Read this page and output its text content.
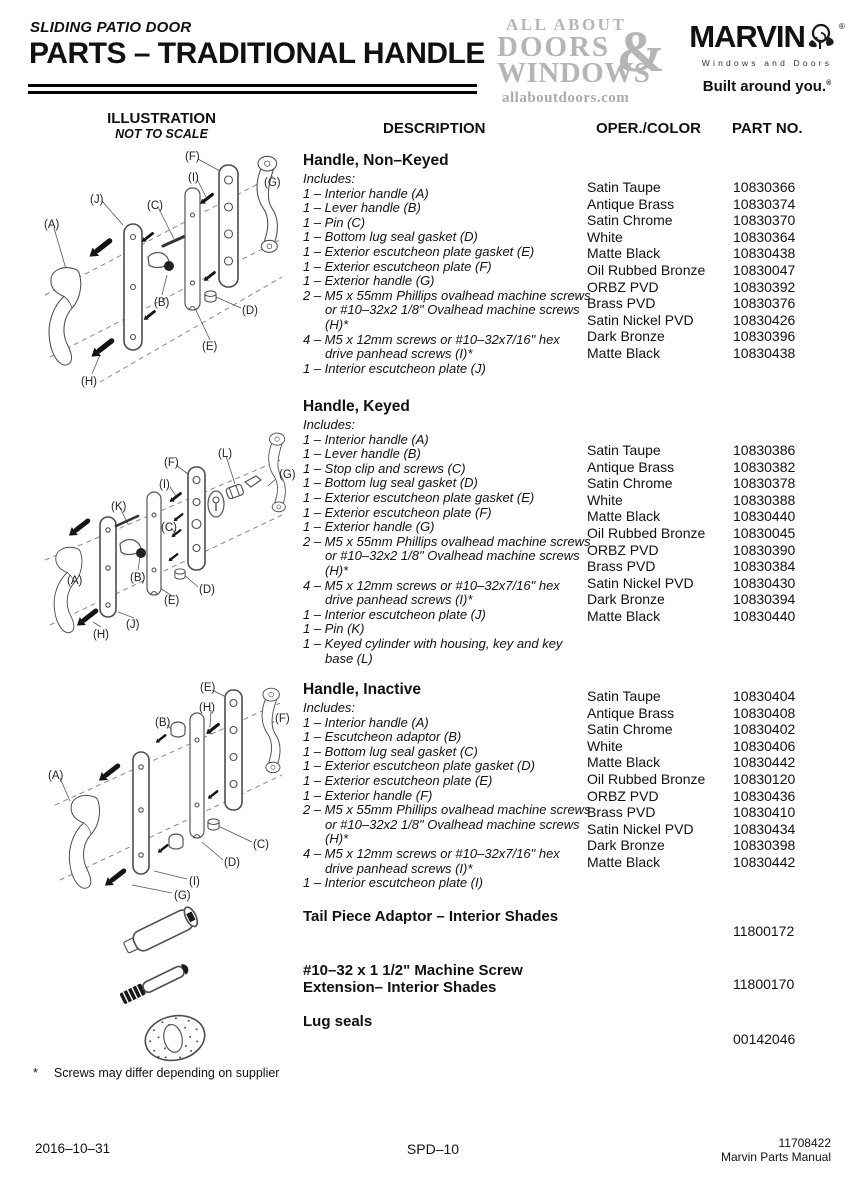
SLIDING PATIO DOOR
PARTS – TRADITIONAL HANDLE
ALL ABOUT
DOORS &
WINDOWS
allaboutdoors.com
MARVIN	®
Windows and Doors
Built around you.®
ILLUSTRATION
NOT TO SCALE	DESCRIPTION	OPER./COLOR PART NO.
(F)
(I)	(G)
(J)	(C)
(A)
(B)
(D)
(E)
(H)
(L)
(F)
(G)
(I)
(K)
(C)
(A)	(B)
(D)
(E)
(J)
(H)
(E)
(H)
(B)	(F)
(A)
(C)
(D)
(I)
(G)
Handle, Non–Keyed
Includes:
1 – Interior handle (A)
1 – Lever handle (B)
1 – Pin (C)
1 – Bottom lug seal gasket (D)
1 – Exterior escutcheon plate gasket (E)
1 – Exterior escutcheon plate (F)
1 – Exterior handle (G)
2 – M5 x 55mm Phillips ovalhead machine screws or #10–32x2 1/8" Ovalhead machine screws (H)*
4 – M5 x 12mm screws or #10–32x7/16" hex drive panhead screws (I)*
1 – Interior escutcheon plate (J)
Satin Taupe	10830366
Antique Brass	10830374
Satin Chrome	10830370
White	10830364
Matte Black	10830438
Oil Rubbed Bronze	10830047
ORBZ PVD	10830392
Brass PVD	10830376
Satin Nickel PVD	10830426
Dark Bronze	10830396
Matte Black	10830438
Handle, Keyed
Includes:
1 – Interior handle (A)
1 – Lever handle (B)
1 – Stop clip and screws (C)
1 – Bottom lug seal gasket (D)
1 – Exterior escutcheon plate gasket (E)
1 – Exterior escutcheon plate (F)
1 – Exterior handle (G)
2 – M5 x 55mm Phillips ovalhead machine screws or #10–32x2 1/8" Ovalhead machine screws (H)*
4 – M5 x 12mm screws or #10–32x7/16" hex drive panhead screws (I)*
1 – Interior escutcheon plate (J)
1 – Pin (K)
1 – Keyed cylinder with housing, key and key base (L)
Satin Taupe	10830386
Antique Brass	10830382
Satin Chrome	10830378
White	10830388
Matte Black	10830440
Oil Rubbed Bronze	10830045
ORBZ PVD	10830390
Brass PVD	10830384
Satin Nickel PVD	10830430
Dark Bronze	10830394
Matte Black	10830440
Handle, Inactive
Includes:
1 – Interior handle (A)
1 – Escutcheon adaptor (B)
1 – Bottom lug seal gasket (C)
1 – Exterior escutcheon plate gasket (D)
1 – Exterior escutcheon plate (E)
1 – Exterior handle (F)
2 – M5 x 55mm Phillips ovalhead machine screws or #10–32x2 1/8" Ovalhead machine screws (H)*
4 – M5 x 12mm screws or #10–32x7/16" hex drive panhead screws (I)*
1 – Interior escutcheon plate (I)
Satin Taupe	10830404
Antique Brass	10830408
Satin Chrome	10830402
White	10830406
Matte Black	10830442
Oil Rubbed Bronze	10830120
ORBZ PVD	10830436
Brass PVD	10830410
Satin Nickel PVD	10830434
Dark Bronze	10830398
Matte Black	10830442
Tail Piece Adaptor – Interior Shades
11800172
#10–32 x 1 1/2" Machine Screw Extension– Interior Shades	11800170
Lug seals
00142046
* Screws may differ depending on supplier
2016–10–31	SPD–10	11708422
Marvin Parts Manual
